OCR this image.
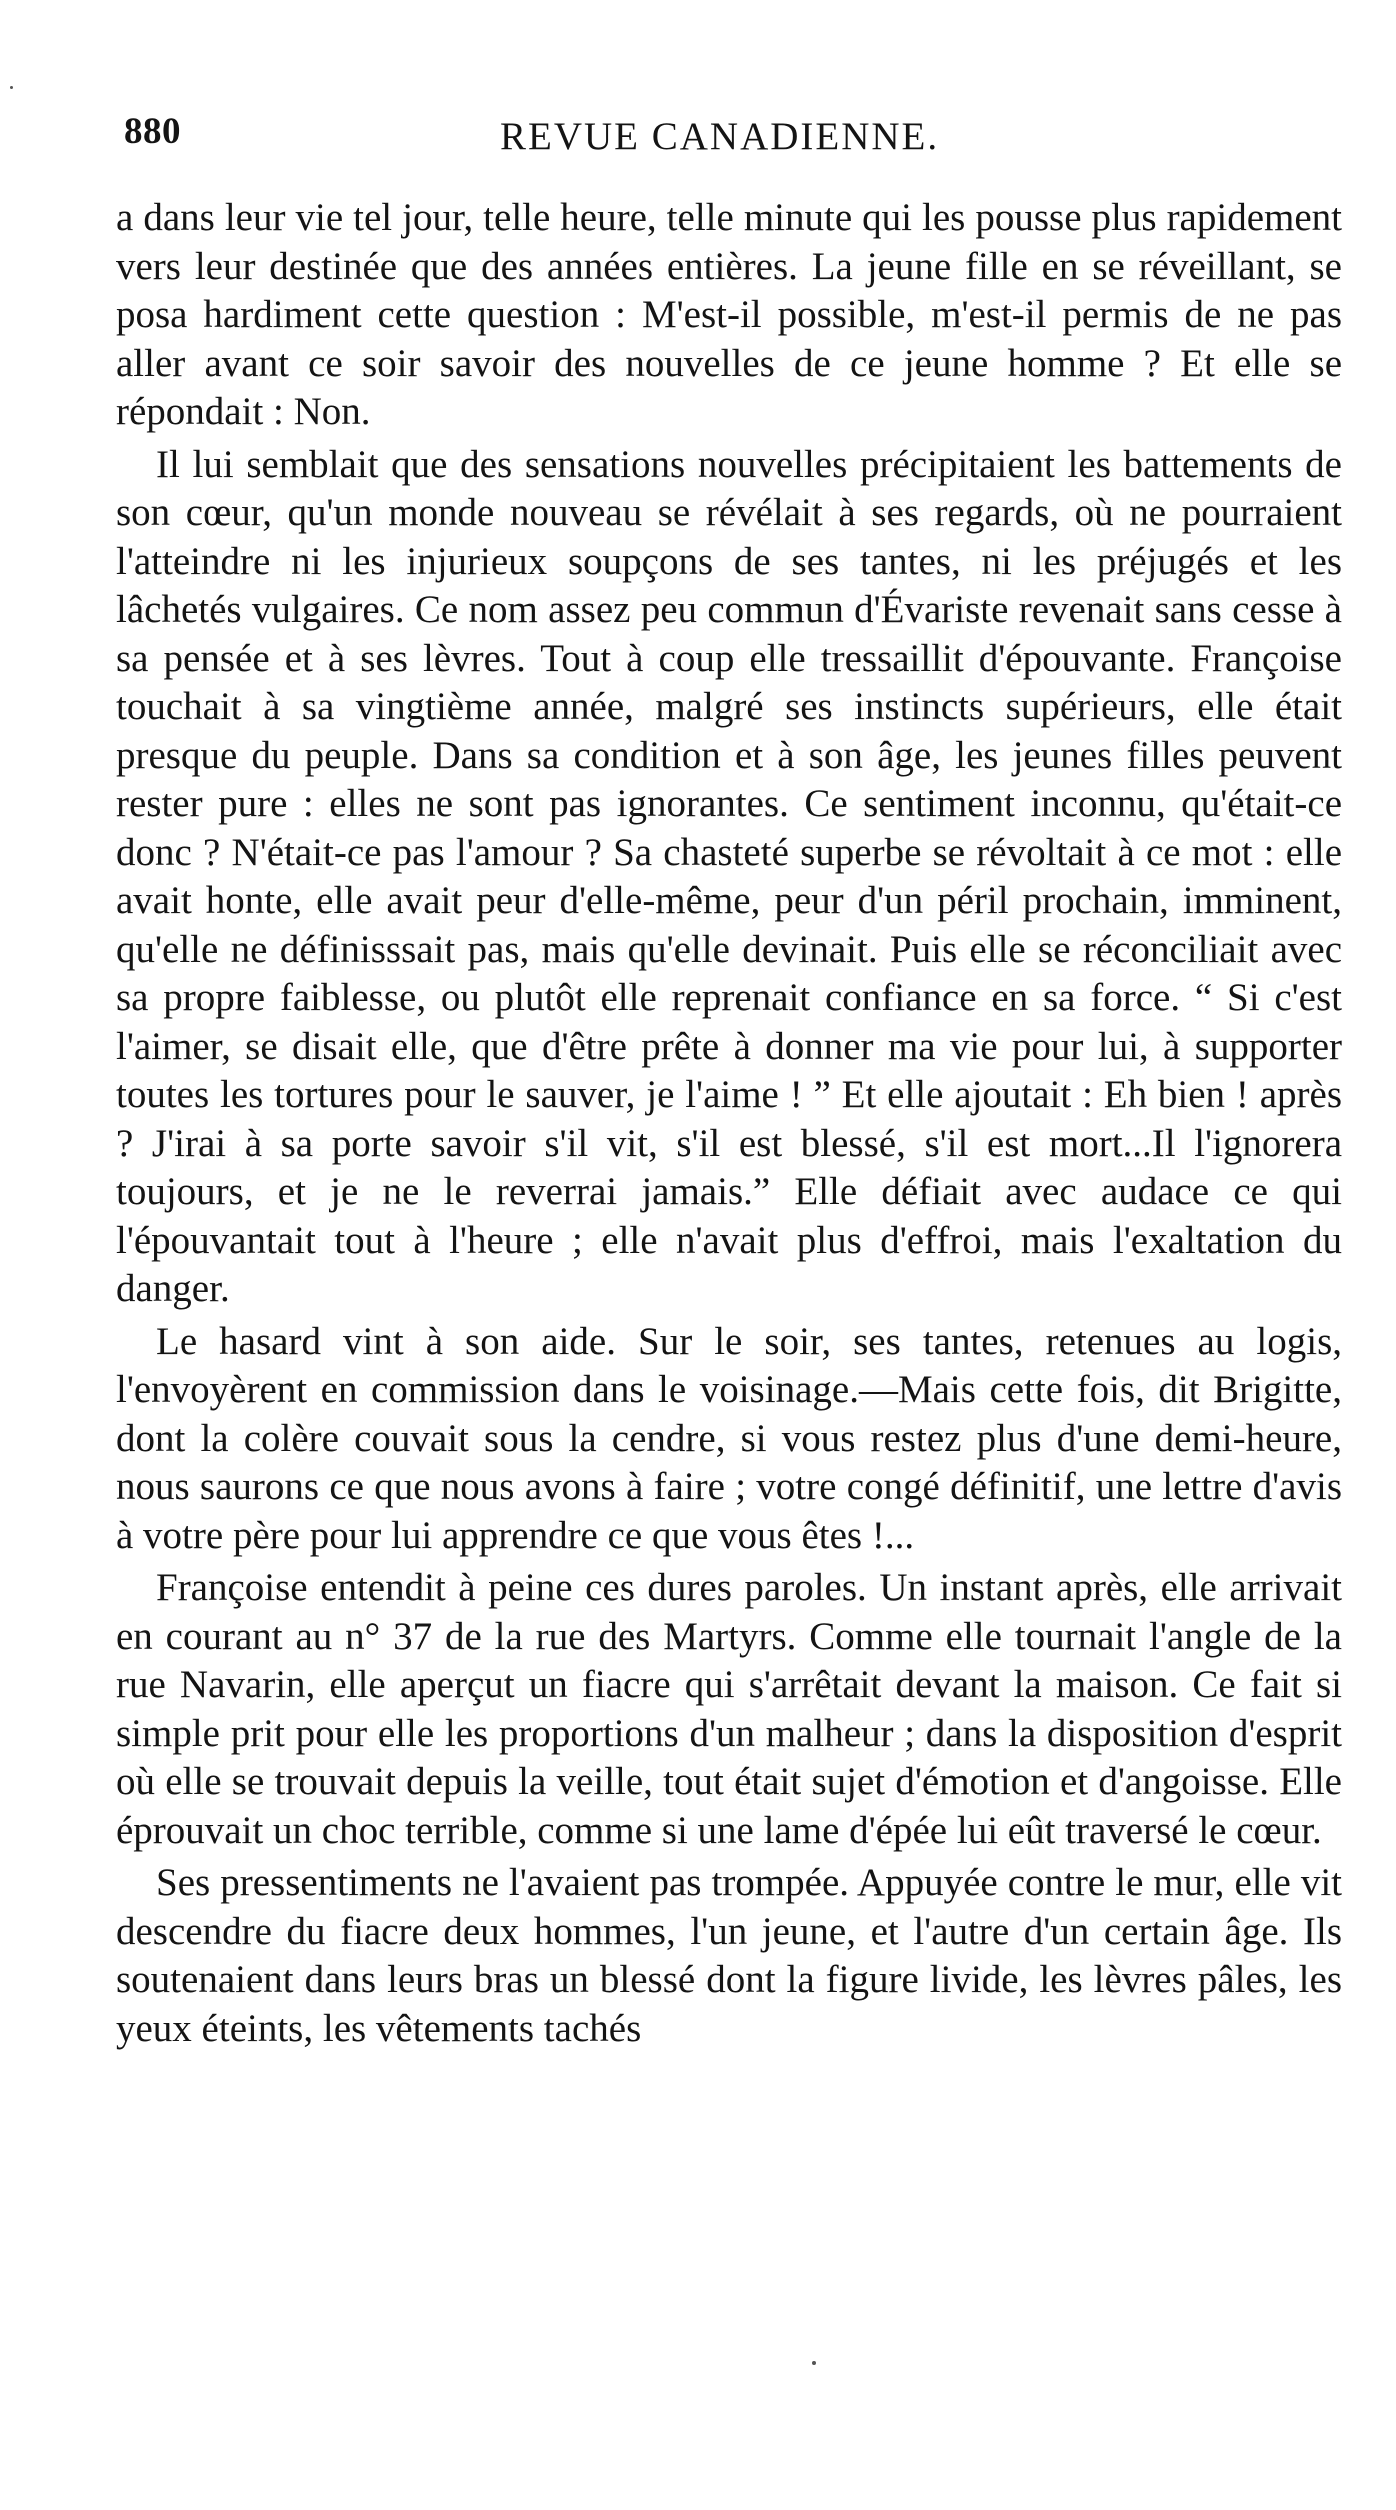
880	REVUE CANADIENNE.

a dans leur vie tel jour, telle heure, telle minute qui les pousse plus rapidement vers leur destinée que des années entières. La jeune fille en se réveillant, se posa hardiment cette question : M'est-il possible, m'est-il permis de ne pas aller avant ce soir savoir des nouvelles de ce jeune homme ? Et elle se répondait : Non.

Il lui semblait que des sensations nouvelles précipitaient les battements de son cœur, qu'un monde nouveau se révélait à ses regards, où ne pourraient l'atteindre ni les injurieux soupçons de ses tantes, ni les préjugés et les lâchetés vulgaires. Ce nom assez peu commun d'Évariste revenait sans cesse à sa pensée et à ses lèvres. Tout à coup elle tressaillit d'épouvante. Françoise touchait à sa vingtième année, malgré ses instincts supérieurs, elle était presque du peuple. Dans sa condition et à son âge, les jeunes filles peuvent rester pure : elles ne sont pas ignorantes. Ce sentiment inconnu, qu'était-ce donc ? N'était-ce pas l'amour ? Sa chasteté superbe se révoltait à ce mot : elle avait honte, elle avait peur d'elle-même, peur d'un péril prochain, imminent, qu'elle ne définisssait pas, mais qu'elle devinait. Puis elle se réconciliait avec sa propre faiblesse, ou plutôt elle reprenait confiance en sa force. “ Si c'est l'aimer, se disait elle, que d'être prête à donner ma vie pour lui, à supporter toutes les tortures pour le sauver, je l'aime ! ” Et elle ajoutait : Eh bien ! après ? J'irai à sa porte savoir s'il vit, s'il est blessé, s'il est mort...Il l'ignorera toujours, et je ne le reverrai jamais.” Elle défiait avec audace ce qui l'épouvantait tout à l'heure ; elle n'avait plus d'effroi, mais l'exaltation du danger.

Le hasard vint à son aide. Sur le soir, ses tantes, retenues au logis, l'envoyèrent en commission dans le voisinage.—Mais cette fois, dit Brigitte, dont la colère couvait sous la cendre, si vous restez plus d'une demi-heure, nous saurons ce que nous avons à faire ; votre congé définitif, une lettre d'avis à votre père pour lui apprendre ce que vous êtes !...

Françoise entendit à peine ces dures paroles. Un instant après, elle arrivait en courant au n° 37 de la rue des Martyrs. Comme elle tournait l'angle de la rue Navarin, elle aperçut un fiacre qui s'arrêtait devant la maison. Ce fait si simple prit pour elle les proportions d'un malheur ; dans la disposition d'esprit où elle se trouvait depuis la veille, tout était sujet d'émotion et d'angoisse. Elle éprouvait un choc terrible, comme si une lame d'épée lui eût traversé le cœur.

Ses pressentiments ne l'avaient pas trompée. Appuyée contre le mur, elle vit descendre du fiacre deux hommes, l'un jeune, et l'autre d'un certain âge. Ils soutenaient dans leurs bras un blessé dont la figure livide, les lèvres pâles, les yeux éteints, les vêtements tachés
